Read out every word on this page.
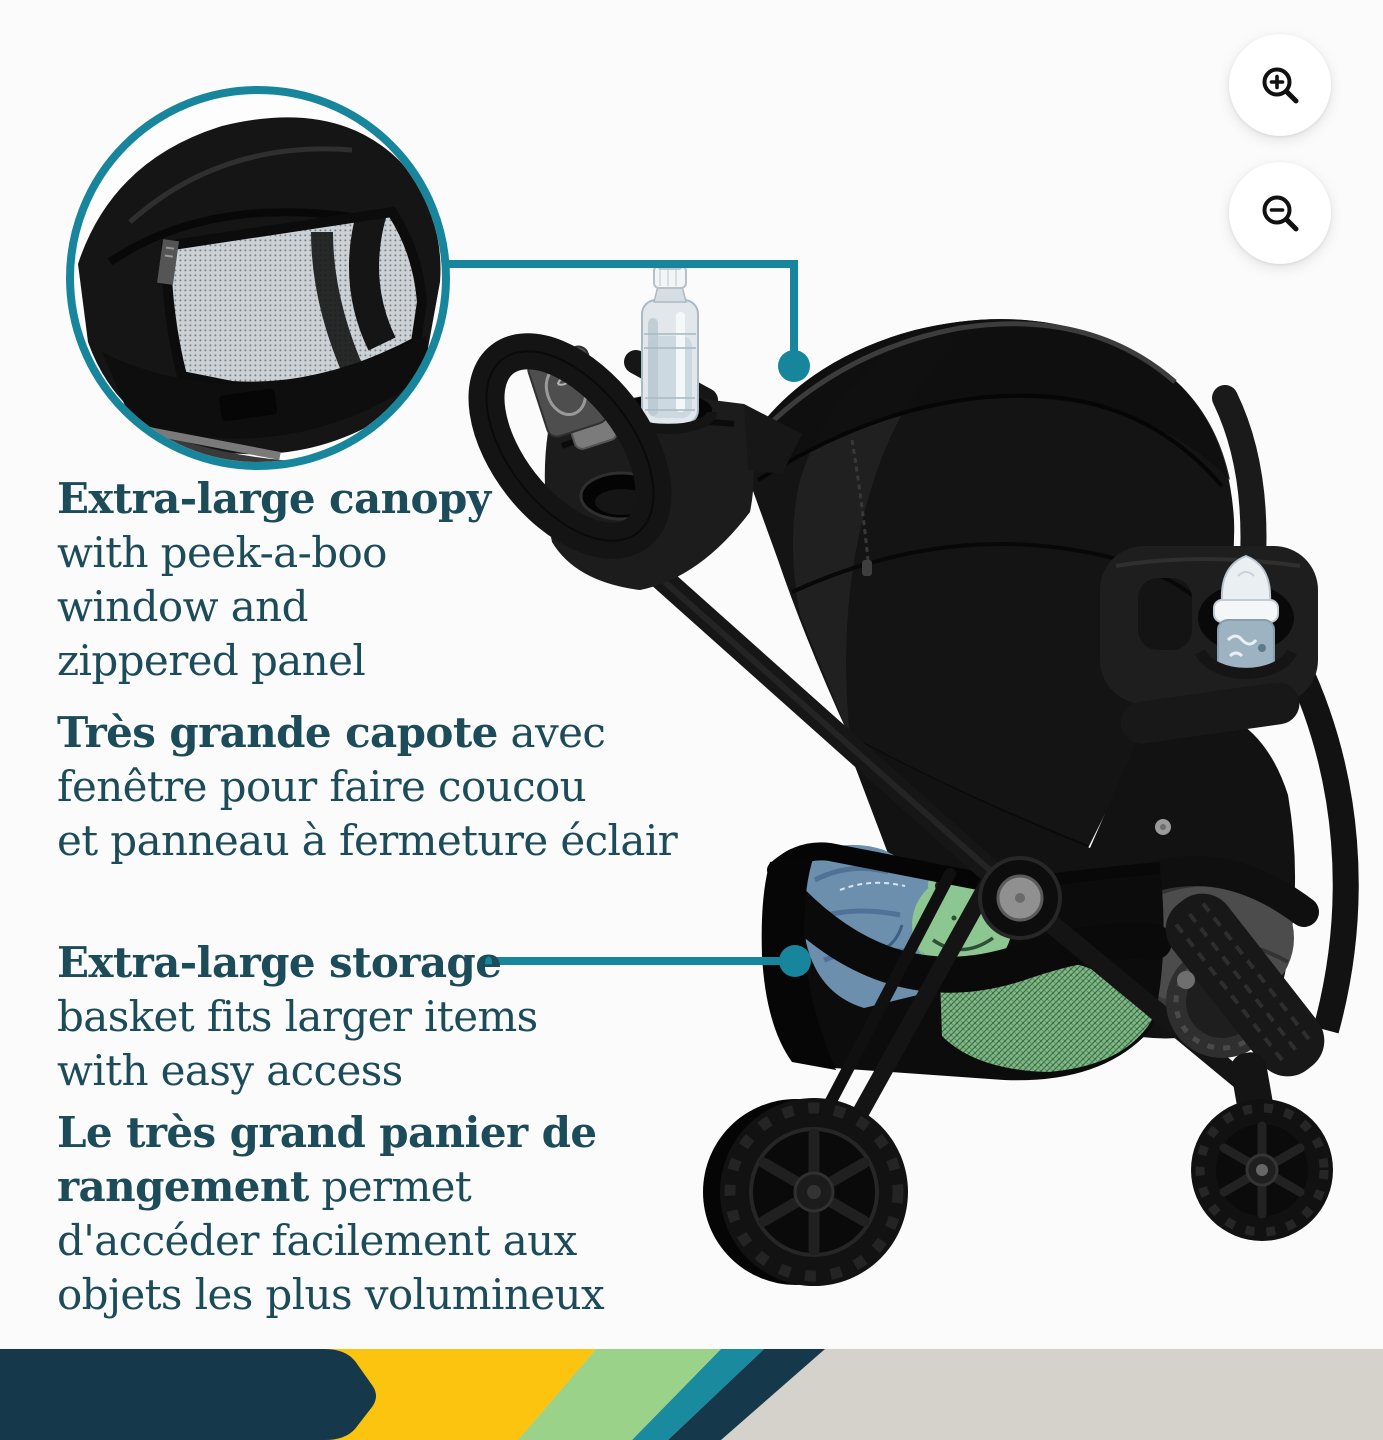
Extra-large canopy
with peek-a-boo
window and
zippered panel
Très grande capote avec
fenêtre pour faire coucou
et panneau à fermeture éclair
Extra-large storage
basket fits larger items
with easy access
Le très grand panier de
rangement permet
d'accéder facilement aux
objets les plus volumineux
